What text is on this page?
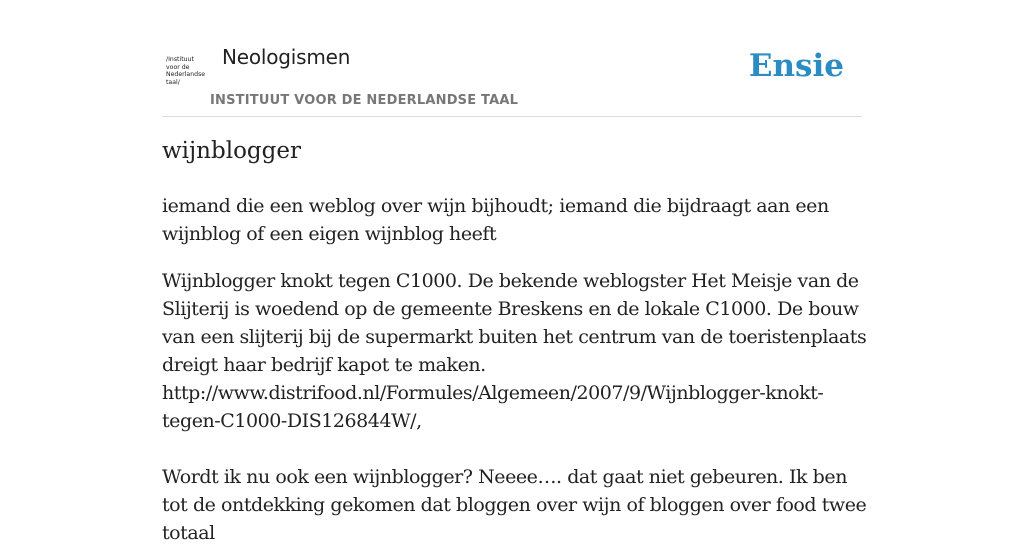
/Instituut
voor de
Nederlandse
taal/
Neologismen
INSTITUUT VOOR DE NEDERLANDSE TAAL
Ensie
wijnblogger

iemand die een weblog over wijn bijhoudt; iemand die bijdraagt aan een wijnblog of een eigen wijnblog heeft

Wijnblogger knokt tegen C1000. De bekende weblogster Het Meisje van de Slijterij is woedend op de gemeente Breskens en de lokale C1000. De bouw van een slijterij bij de supermarkt buiten het centrum van de toeristenplaats dreigt haar bedrijf kapot te maken.

http://www.distrifood.nl/Formules/Algemeen/2007/9/Wijnblogger-knokt-tegen-C1000-DIS126844W/,

Wordt ik nu ook een wijnblogger? Neeee…. dat gaat niet gebeuren. Ik ben tot de ontdekking gekomen dat bloggen over wijn of bloggen over food twee totaal
